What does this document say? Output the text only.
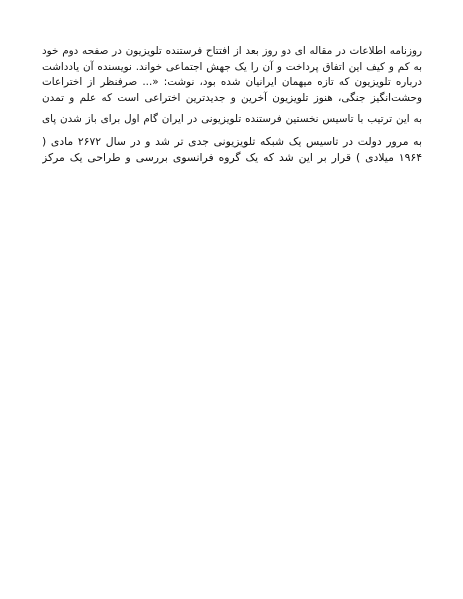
روزنامه اطلاعات در مقاله ای دو روز بعد از افتتاح فرستنده تلویزیون در صفحه دوم خود
به کم و کیف این اتفاق پرداخت و آن را یک جهش اجتماعی خواند. نویسنده آن یادداشت
درباره تلویزیون که تازه میهمان ایرانیان شده بود، نوشت: «... صرفنظر از اختراعات
وحشت‌انگیز جنگی، هنوز تلویزیون آخرین و جدیدترین اختراعی است که علم و تمدن
به این ترتیب با تاسیس نخستین فرستنده تلویزیونی در ایران گام اول برای باز شدن پای
به مرور دولت در تاسیس یک شبکه تلویزیونی جدی تر شد و در سال ۲۶۷۲ مادی (
۱۹۶۴ میلادی ) قرار بر این شد که یک گروه فرانسوی بررسی و طراحی یک مرکز
